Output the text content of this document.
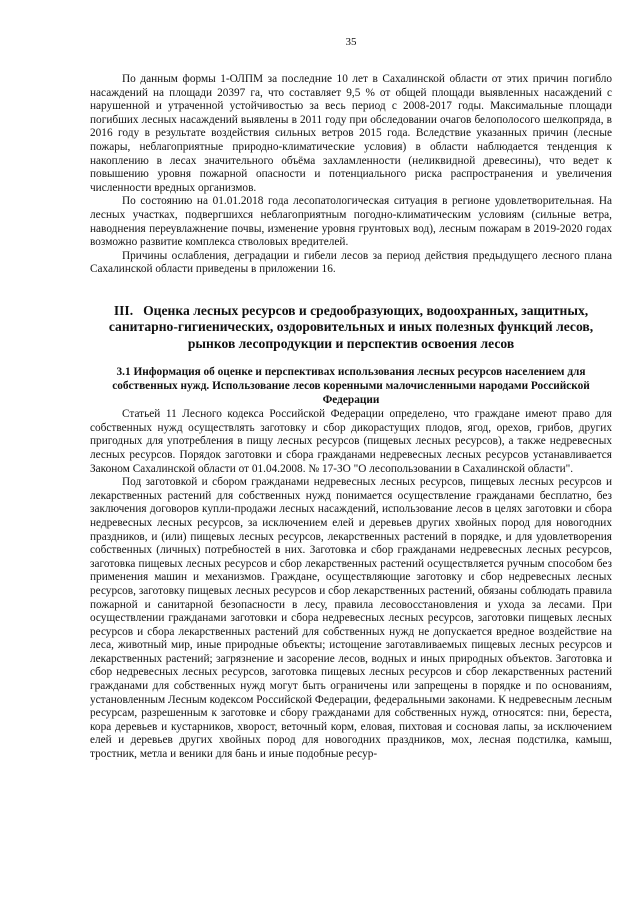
35

По данным формы 1-ОЛПМ за последние 10 лет в Сахалинской области от этих причин погибло насаждений на площади 20397 га, что составляет 9,5 % от общей площади выявленных насаждений с нарушенной и утраченной устойчивостью за весь период с 2008-2017 годы. Максимальные площади погибших лесных насаждений выявлены в 2011 году при обследовании очагов белополосого шелкопряда, в 2016 году в результате воздействия сильных ветров 2015 года. Вследствие указанных причин (лесные пожары, неблагоприятные природно-климатические условия) в области наблюдается тенденция к накоплению в лесах значительного объёма захламленности (неликвидной древесины), что ведет к повышению уровня пожарной опасности и потенциального риска распространения и увеличения численности вредных организмов.

По состоянию на 01.01.2018 года лесопатологическая ситуация в регионе удовлетворительная. На лесных участках, подвергшихся неблагоприятным погодно-климатическим условиям (сильные ветра, наводнения переувлажнение почвы, изменение уровня грунтовых вод), лесным пожарам в 2019-2020 годах возможно развитие комплекса стволовых вредителей.

Причины ослабления, деградации и гибели лесов за период действия предыдущего лесного плана Сахалинской области приведены в приложении 16.

III. Оценка лесных ресурсов и средообразующих, водоохранных, защитных, санитарно-гигиенических, оздоровительных и иных полезных функций лесов, рынков лесопродукции и перспектив освоения лесов
3.1 Информация об оценке и перспективах использования лесных ресурсов населением для собственных нужд. Использование лесов коренными малочисленными народами Российской Федерации

Статьей 11 Лесного кодекса Российской Федерации определено, что граждане имеют право для собственных нужд осуществлять заготовку и сбор дикорастущих плодов, ягод, орехов, грибов, других пригодных для употребления в пищу лесных ресурсов (пищевых лесных ресурсов), а также недревесных лесных ресурсов. Порядок заготовки и сбора гражданами недревесных лесных ресурсов устанавливается Законом Сахалинской области от 01.04.2008. № 17-ЗО "О лесопользовании в Сахалинской области".

Под заготовкой и сбором гражданами недревесных лесных ресурсов, пищевых лесных ресурсов и лекарственных растений для собственных нужд понимается осуществление гражданами бесплатно, без заключения договоров купли-продажи лесных насаждений, использование лесов в целях заготовки и сбора недревесных лесных ресурсов, за исключением елей и деревьев других хвойных пород для новогодних праздников, и (или) пищевых лесных ресурсов, лекарственных растений в порядке, и для удовлетворения собственных (личных) потребностей в них. Заготовка и сбор гражданами недревесных лесных ресурсов, заготовка пищевых лесных ресурсов и сбор лекарственных растений осуществляется ручным способом без применения машин и механизмов. Граждане, осуществляющие заготовку и сбор недревесных лесных ресурсов, заготовку пищевых лесных ресурсов и сбор лекарственных растений, обязаны соблюдать правила пожарной и санитарной безопасности в лесу, правила лесовосстановления и ухода за лесами. При осуществлении гражданами заготовки и сбора недревесных лесных ресурсов, заготовки пищевых лесных ресурсов и сбора лекарственных растений для собственных нужд не допускается вредное воздействие на леса, животный мир, иные природные объекты; истощение заготавливаемых пищевых лесных ресурсов и лекарственных растений; загрязнение и засорение лесов, водных и иных природных объектов. Заготовка и сбор недревесных лесных ресурсов, заготовка пищевых лесных ресурсов и сбор лекарственных растений гражданами для собственных нужд могут быть ограничены или запрещены в порядке и по основаниям, установленным Лесным кодексом Российской Федерации, федеральными законами. К недревесным лесным ресурсам, разрешенным к заготовке и сбору гражданами для собственных нужд, относятся: пни, береста, кора деревьев и кустарников, хворост, веточный корм, еловая, пихтовая и сосновая лапы, за исключением елей и деревьев других хвойных пород для новогодних праздников, мох, лесная подстилка, камыш, тростник, метла и веники для бань и иные подобные ресур-
